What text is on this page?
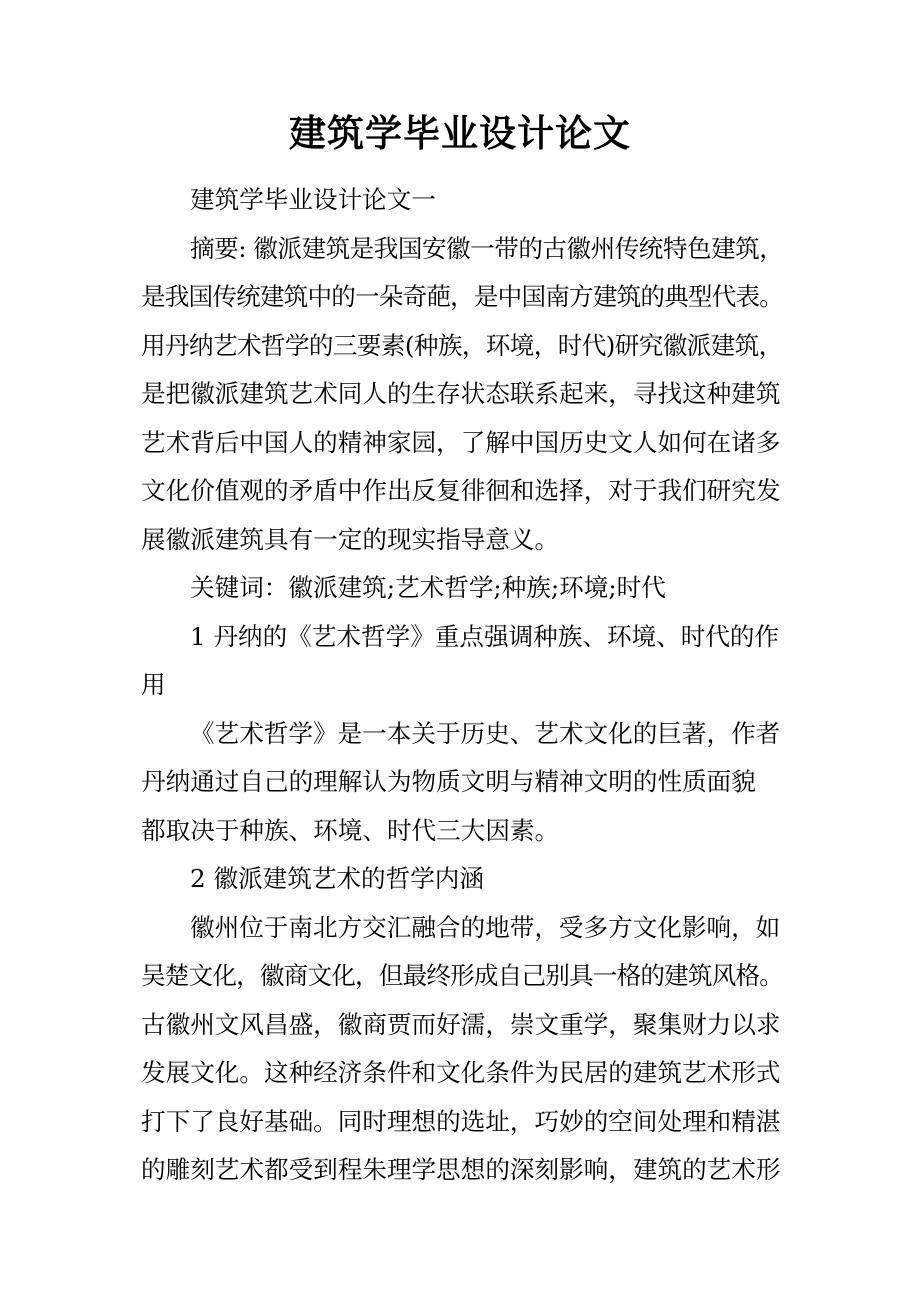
建筑学毕业设计论文
建筑学毕业设计论文一
摘要: 徽派建筑是我国安徽一带的古徽州传统特色建筑，
是我国传统建筑中的一朵奇葩，是中国南方建筑的典型代表。
用丹纳艺术哲学的三要素(种族，环境，时代)研究徽派建筑，
是把徽派建筑艺术同人的生存状态联系起来，寻找这种建筑
艺术背后中国人的精神家园，了解中国历史文人如何在诸多
文化价值观的矛盾中作出反复徘徊和选择，对于我们研究发
展徽派建筑具有一定的现实指导意义。
关键词：徽派建筑;艺术哲学;种族;环境;时代
1 丹纳的《艺术哲学》重点强调种族、环境、时代的作
用
《艺术哲学》是一本关于历史、艺术文化的巨著，作者
丹纳通过自己的理解认为物质文明与精神文明的性质面貌
都取决于种族、环境、时代三大因素。
2 徽派建筑艺术的哲学内涵
徽州位于南北方交汇融合的地带，受多方文化影响，如
吴楚文化，徽商文化，但最终形成自己别具一格的建筑风格。
古徽州文风昌盛，徽商贾而好濡，崇文重学，聚集财力以求
发展文化。这种经济条件和文化条件为民居的建筑艺术形式
打下了良好基础。同时理想的选址，巧妙的空间处理和精湛
的雕刻艺术都受到程朱理学思想的深刻影响，建筑的艺术形
